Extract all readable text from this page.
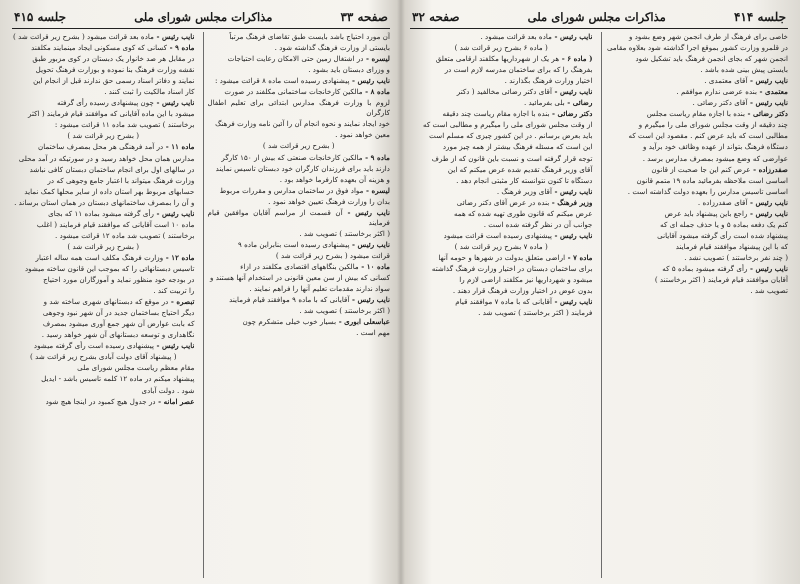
صفحه ۳۳
مذاکرات مجلس شورای ملی
جلسه ۴۱۵

آن مورد احتیاج باشد بایست طبق تقاضای فرهنگ مرتباً

بایستی از وزارت فرهنگ گذاشته شود .

لیسره - در اشتغال زمین حتی الامکان رعایت احتیاجات

و وزرای دبستان باید بشود .

نایب رئیس - پیشنهادی رسیده است ماده ۸ قرائت میشود :

ماده ۸ - مالکین کارخانجات ساختمانی مکلفند در صورت

لزوم با وزارت فرهنگ مدارس ابتدائی برای تعلیم اطفال کارگران

خود ایجاد نمایند و نحوه انجام آن را آئین نامه وزارت فرهنگ

معین خواهد نمود .

( بشرح زیر قرائت شد )

ماده ۹ - مالکین کارخانجات صنعتی که بیش از ۱۵۰ کارگر

دارند باید برای فرزندان کارگران خود دبستان تاسیس نمایند

و هزینه آن بعهده کارفرما خواهد بود .

لیسره - مواد فوق در ساختمان مدارس و مقررات مربوط

بدان را وزارت فرهنگ تعیین خواهد نمود .

نایب رئیس - آن قسمت از مراسم آقایان موافقین قیام فرمایند

( اکثر برخاستند ) تصویب شد .

نایب رئیس - پیشنهادی رسیده است بنابراین ماده ۹

قرائت میشود ( بشرح زیر قرائت شد )

ماده ۱۰ - مالکین بنگاههای اقتصادی مکلفند در ازاء

کسانی که بیش از سن معین قانونی در استخدام آنها هستند و

سواد ندارند مقدمات تعلیم آنها را فراهم نمایند .

نایب رئیس - آقایانی که با ماده ۹ موافقند قیام فرمایند

( اکثر برخاستند ) تصویب شد .

عباسعلی ابوری - بسیار خوب خیلی متشکرم چون

مهم است .

نایب رئیس - ماده بعد قرائت میشود ( بشرح زیر قرائت شد )

ماده ۹ - کسانی که کوی مسکونی ایجاد مینمایند مکلفند

در مقابل هر صد خانوار یک دبستان در کوی مزبور طبق

نقشه وزارت فرهنگ بنا نموده و بوزارت فرهنگ تحویل

نمایند و دفاتر اسناد رسمی حق ندارند قبل از انجام این

کار اسناد مالکیت را ثبت کنند .

نایب رئیس - چون پیشنهادی رسیده رأی گرفته

میشود با این ماده آقایانی که موافقند قیام فرمایند ( اکثر

برخاستند ) تصویب شد ماده ۱۱ قرائت میشود :

( بشرح زیر قرائت شد )

ماده ۱۱ - در آمد فرهنگی هر محل بمصرف ساختمان

مدارس همان محل خواهد رسید و در سورتیکه در آمد محلی

در سالهای اول برای انجام ساختمان دبستان کافی نباشد

وزارت فرهنگ میتواند با اعتبار جامع وجوهی که در

حسابهای مربوط بهر استان داده از سایر محلها کمک نماید

و آن را بمصرف ساختمانهای دبستان در همان استان برساند .

نایب رئیس - رأی گرفته میشود بماده ۱۱ که بجای

ماده ۱۰ است آقایانی که موافقند قیام فرمایند ( اغلب

برخاستند ) تصویب شد ماده ۱۲ قرائت میشود .

( بشرح زیر قرائت شد )

ماده ۱۲ - وزارت فرهنگ مکلف است همه ساله اعتبار

تاسیس دبستانهائی را که بموجب این قانون ساخته میشود

در بودجه خود منظور نماید و آموزگاران مورد احتیاج

را تربیت کند .

تبصره - در موقع که دبستانهای شهری ساخته شد و

دیگر احتیاج بساختمان جدید در آن شهر نبود وجوهی

که بابت عوارض آن شهر جمع آوری میشود بمصرف

نگاهداری و توسعه دبستانهای آن شهر خواهد رسید .

نایب رئیس - پیشنهادی رسیده است رأی گرفته میشود

( پیشنهاد آقای دولت آبادی بشرح زیر قرائت شد )

مقام معظم ریاست مجلس شورای ملی

پیشنهاد میکنم در ماده ۱۲ کلمه تاسیس باشد - ایدیل

شود . دولت آبادی

عصر امانه - در جدول هیچ کمبود در اینجا هیچ شود

جلسه ۴۱۴
مذاکرات مجلس شورای ملی
صفحه ۳۲

خاصی برای فرهنگ از طرف انجمن شهر وضع بشود و

در قلمرو وزارت کشور بموقع اجرا گذاشته شود بعلاوه مقامی

انجمن شهر که بجای انجمن فرهنگ باید تشکیل شود

بایستی پیش بینی شده باشد .

نایب رئیس - آقای معتمدی .

معتمدی - بنده عرضی ندارم موافقم .

نایب رئیس - آقای دکتر رضائی .

دکتر رضائی - بنده با اجازه مقام ریاست مجلس

چند دقیقه از وقت مجلس شورای ملی را میگیرم و

مطالبی است که باید عرض کنم . مقصود این است که

دستگاه فرهنگ بتواند از عهده وظائف خود برآید و

عوارضی که وضع میشود بمصرف مدارس برسد .

صفدرزاده - عرض کنم این جا صحبت از قانون

اساسی است ملاحظه بفرمائید ماده ۱۹ متمم قانون

اساسی تاسیس مدارس را بعهده دولت گذاشته است .

نایب رئیس - آقای صفدرزاده .

نایب رئیس - راجع باین پیشنهاد باید عرض

کنم یک دفعه بماده ۵ و یا حذف جمله ای که

پیشنهاد شده است رأی گرفته میشود آقایانی

که با این پیشنهاد موافقند قیام فرمایند

( چند نفر برخاستند ) تصویب نشد .

نایب رئیس - رأی گرفته میشود بماده ۵ که

آقایان موافقند قیام فرمایند ( اکثر برخاستند )

تصویب شد .

نایب رئیس - ماده بعد قرائت میشود .

( ماده ۶ بشرح زیر قرائت شد )

( ماده ۶ - هر یک از شهرداریها مکلفند ارقامی متعلق

بفرهنگ را که برای ساختمان مدرسه لازم است در

اختیار وزارت فرهنگ بگذارند .

نایب رئیس - آقای دکتر رضائی مخالفید ( دکتر

رضائی - بلی بفرمائید .

دکتر رضائی - بنده با اجازه مقام ریاست چند دقیقه

از وقت مجلس شورای ملی را میگیرم و مطالبی است که

باید بعرض برسانم . در این کشور چیزی که مسلم است

این است که مسئله فرهنگ بیشتر از همه چیز مورد

توجه قرار گرفته است و نسبت باین قانون که از طرف

آقای وزیر فرهنگ تقدیم شده عرض میکنم که این

دستگاه تا کنون نتوانسته کار مثبتی انجام دهد .

نایب رئیس - آقای وزیر فرهنگ .

وزیر فرهنگ - بنده در عرض آقای دکتر رضائی

عرض میکنم که قانون طوری تهیه شده که همه

جوانب آن در نظر گرفته شده است .

نایب رئیس - پیشنهادی رسیده است قرائت میشود

( ماده ۷ بشرح زیر قرائت شد )

ماده ۷ - اراضی متعلق بدولت در شهرها و حومه آنها

برای ساختمان دبستان در اختیار وزارت فرهنگ گذاشته

میشود و شهرداریها نیز مکلفند اراضی لازم را

بدون عوض در اختیار وزارت فرهنگ قرار دهند .

نایب رئیس - آقایانی که با ماده ۷ موافقند قیام

فرمایند ( اکثر برخاستند ) تصویب شد .
